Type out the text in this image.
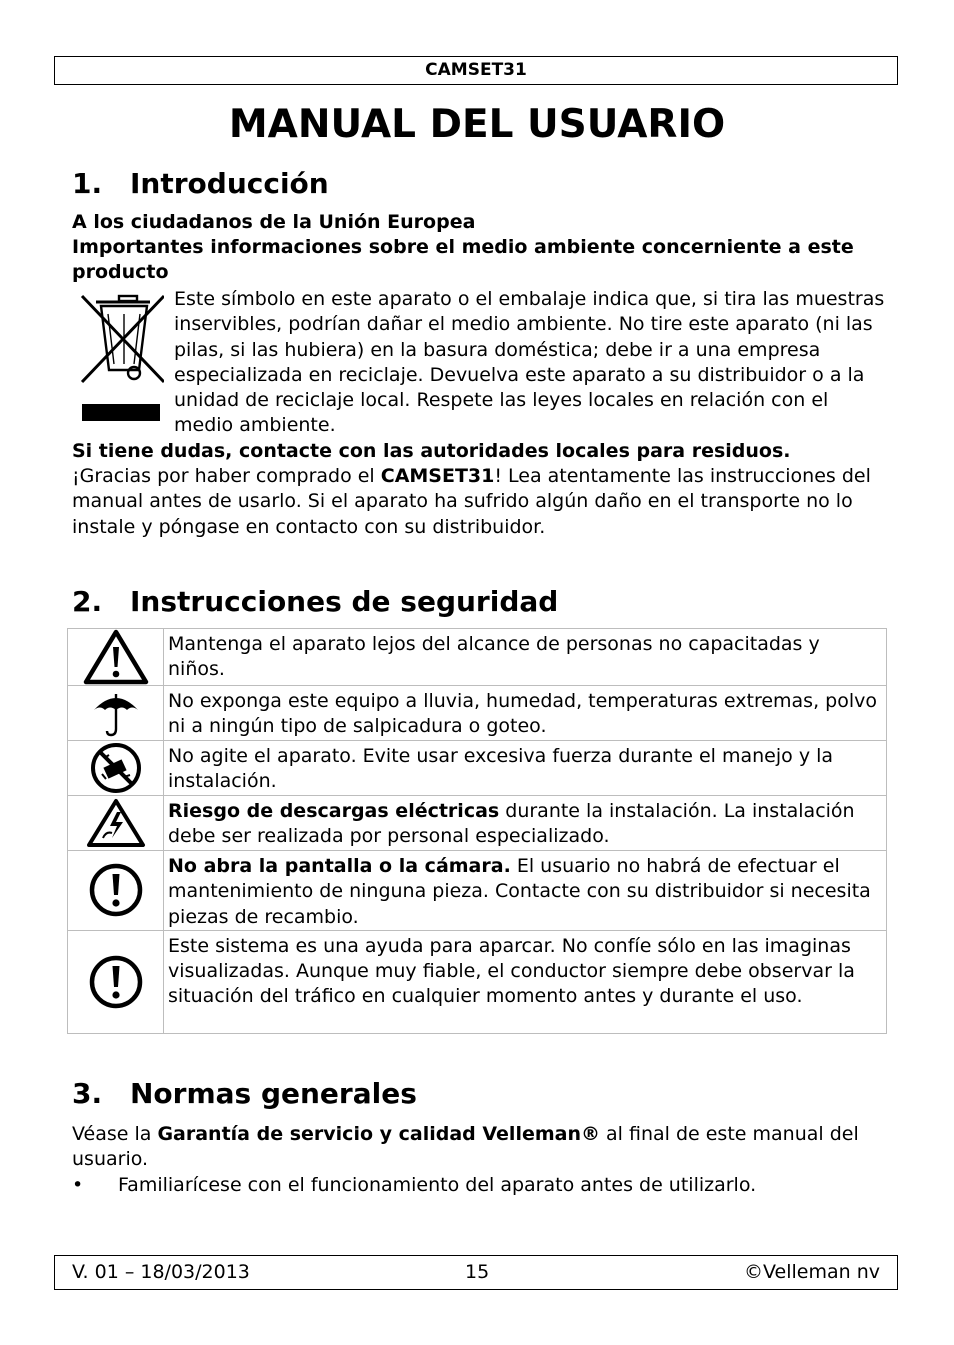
CAMSET31
MANUAL DEL USUARIO
1. Introducción

A los ciudadanos de la Unión Europea

Importantes informaciones sobre el medio ambiente concerniente a este producto

Este símbolo en este aparato o el embalaje indica que, si tira las muestras inservibles, podrían dañar el medio ambiente. No tire este aparato (ni las pilas, si las hubiera) en la basura doméstica; debe ir a una empresa especializada en reciclaje. Devuelva este aparato a su distribuidor o a la unidad de reciclaje local. Respete las leyes locales en relación con el medio ambiente.

Si tiene dudas, contacte con las autoridades locales para residuos.

¡Gracias por haber comprado el CAMSET31! Lea atentamente las instrucciones del manual antes de usarlo. Si el aparato ha sufrido algún daño en el transporte no lo instale y póngase en contacto con su distribuidor.

2. Instrucciones de seguridad
	Mantenga el aparato lejos del alcance de personas no capacitadas y niños.

	No exponga este equipo a lluvia, humedad, temperaturas extremas, polvo ni a ningún tipo de salpicadura o goteo.

	No agite el aparato. Evite usar excesiva fuerza durante el manejo y la instalación.

	Riesgo de descargas eléctricas durante la instalación. La instalación debe ser realizada por personal especializado.

	No abra la pantalla o la cámara. El usuario no habrá de efectuar el mantenimiento de ninguna pieza. Contacte con su distribuidor si necesita piezas de recambio.

	Este sistema es una ayuda para aparcar. No confíe sólo en las imaginas visualizadas. Aunque muy fiable, el conductor siempre debe observar la situación del tráfico en cualquier momento antes y durante el uso.
3. Normas generales

Véase la Garantía de servicio y calidad Velleman® al final de este manual del usuario.

• Familiarícese con el funcionamiento del aparato antes de utilizarlo.
V. 01 – 18/03/2013	15	©Velleman nv
